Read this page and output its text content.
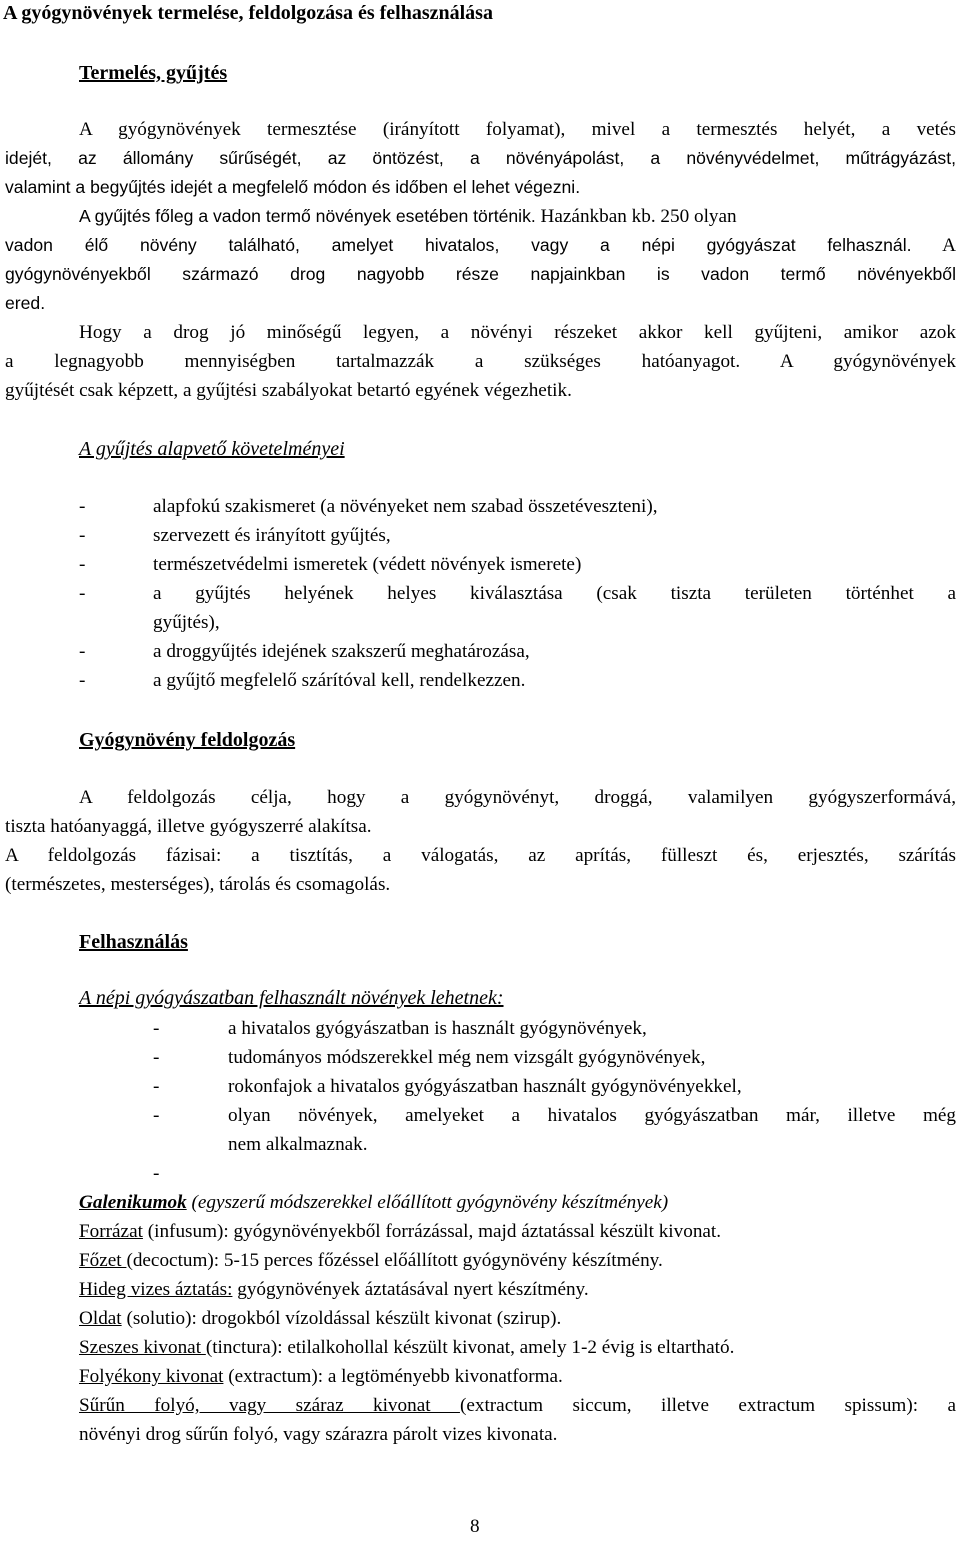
A gyógynövények termelése, feldolgozása és felhasználása
Termelés, gyűjtés
A gyógynövények termesztése (irányított folyamat), mivel a termesztés helyét, a vetés
idejét, az állomány sűrűségét, az öntözést, a növényápolást, a növényvédelmet, műtrágyázást,
valamint a begyűjtés idejét a megfelelő módon és időben el lehet végezni.
A gyűjtés főleg a vadon termő növények esetében történik. Hazánkban kb. 250 olyan
vadon élő növény található, amelyet hivatalos, vagy a népi gyógyászat felhasznál. A
gyógynövényekből származó drog nagyobb része napjainkban is vadon termő növényekből
ered.
Hogy a drog jó minőségű legyen, a növényi részeket akkor kell gyűjteni, amikor azok
a legnagyobb mennyiségben tartalmazzák a szükséges hatóanyagot. A gyógynövények
gyűjtését csak képzett, a gyűjtési szabályokat betartó egyének végezhetik.
A gyűjtés alapvető követelményei
-	alapfokú szakismeret (a növényeket nem szabad összetéveszteni),
-	szervezett és irányított gyűjtés,
-	természetvédelmi ismeretek (védett növények ismerete)
-	a gyűjtés helyének helyes kiválasztása (csak tiszta területen történhet a
gyűjtés),
-	a droggyűjtés idejének szakszerű meghatározása,
-	a gyűjtő megfelelő szárítóval kell, rendelkezzen.
Gyógynövény feldolgozás
A feldolgozás célja, hogy a gyógynövényt, droggá, valamilyen gyógyszerformává,
tiszta hatóanyaggá, illetve gyógyszerré alakítsa.
A feldolgozás fázisai: a tisztítás, a válogatás, az aprítás, fülleszt és, erjesztés, szárítás
(természetes, mesterséges), tárolás és csomagolás.
Felhasználás
A népi gyógyászatban felhasznált növények lehetnek:
-	a hivatalos gyógyászatban is használt gyógynövények,
-	tudományos módszerekkel még nem vizsgált gyógynövények,
-	rokonfajok a hivatalos gyógyászatban használt gyógynövényekkel,
-	olyan növények, amelyeket a hivatalos gyógyászatban már, illetve még
nem alkalmaznak.
-
Galenikumok (egyszerű módszerekkel előállított gyógynövény készítmények)
Forrázat (infusum): gyógynövényekből forrázással, majd áztatással készült kivonat.
Főzet (decoctum): 5-15 perces főzéssel előállított gyógynövény készítmény.
Hideg vizes áztatás: gyógynövények áztatásával nyert készítmény.
Oldat (solutio): drogokból vízoldással készült kivonat (szirup).
Szeszes kivonat (tinctura): etilalkohollal készült kivonat, amely 1-2 évig is eltartható.
Folyékony kivonat (extractum): a legtöményebb kivonatforma.
Sűrűn folyó, vagy száraz kivonat (extractum siccum, illetve extractum spissum): a
növényi drog sűrűn folyó, vagy szárazra párolt vizes kivonata.
8
